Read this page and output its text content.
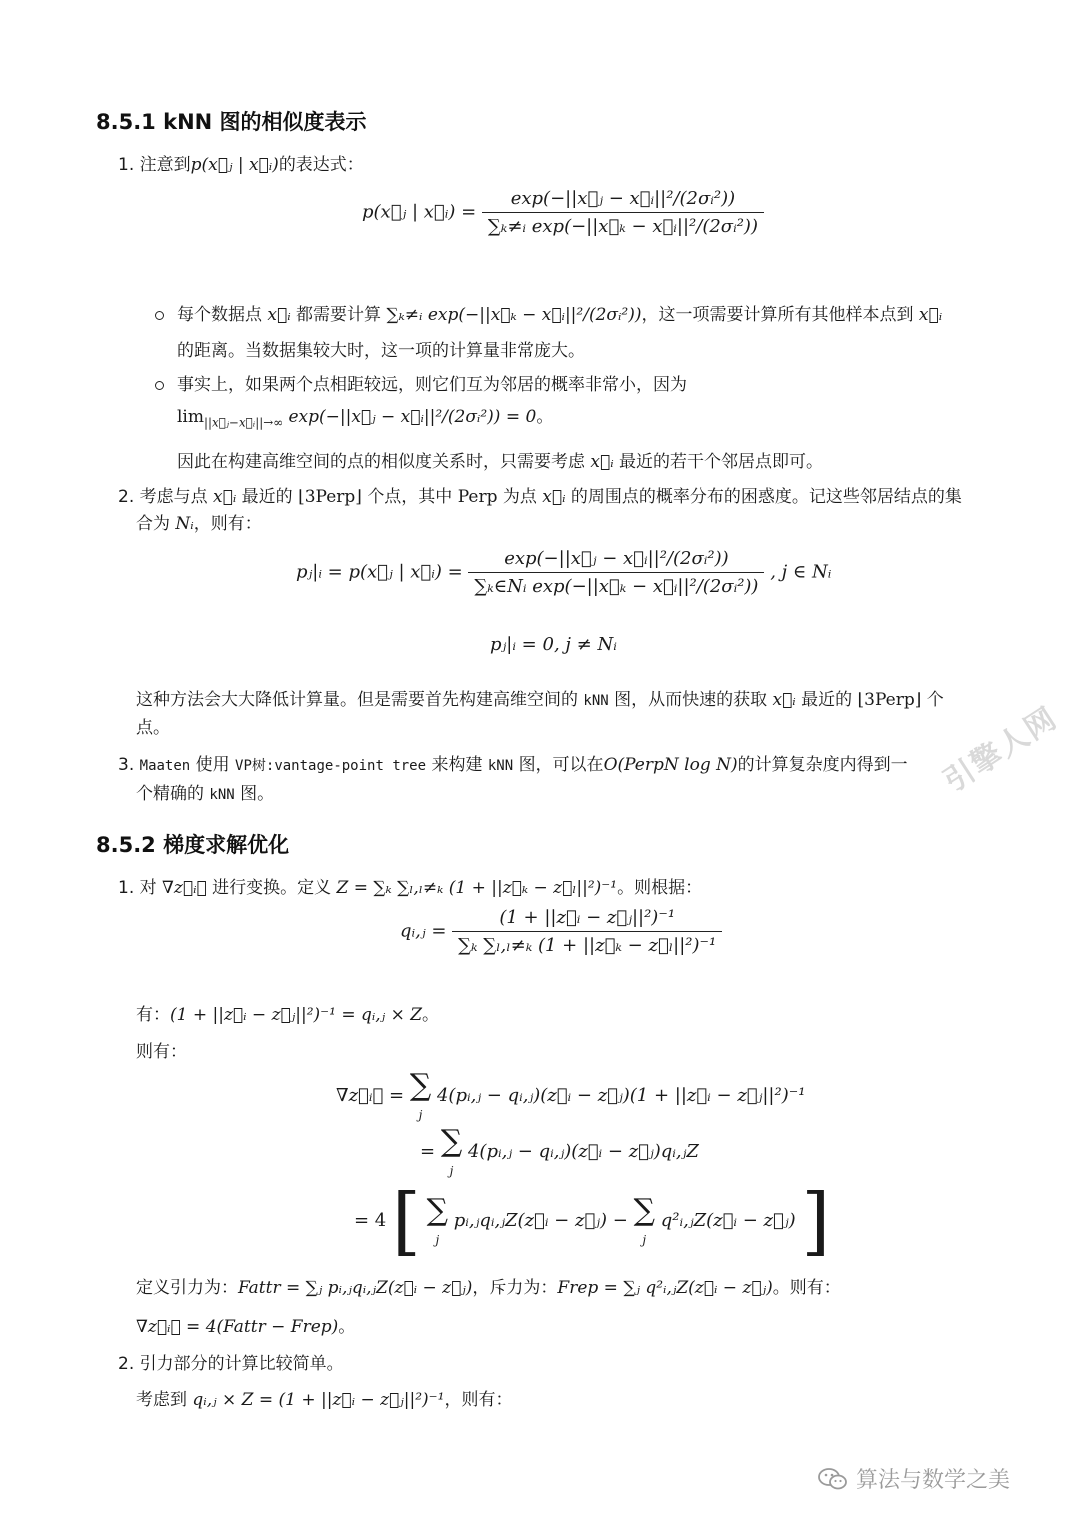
8.5.1 kNN 图的相似度表示
1. 注意到p(x⃗ⱼ | x⃗ᵢ)的表达式：
p(x⃗ⱼ | x⃗ᵢ) = $\frac{\text{exp(−||x⃗ⱼ − x⃗ᵢ||²/(2σᵢ²))}}{\text{∑ₖ≠ᵢ exp(−||x⃗ₖ − x⃗ᵢ||²/(2σᵢ²))}}$
每个数据点 x⃗ᵢ 都需要计算 ∑ₖ≠ᵢ exp(−||x⃗ₖ − x⃗ᵢ||²/(2σᵢ²))，这一项需要计算所有其他样本点到 x⃗ᵢ
的距离。当数据集较大时，这一项的计算量非常庞大。
事实上，如果两个点相距较远，则它们互为邻居的概率非常小，因为
$\lim_{||x⃗ⱼ-x⃗ᵢ||\to\infty}$ exp(−||x⃗ⱼ − x⃗ᵢ||²/(2σᵢ²)) = 0。
因此在构建高维空间的点的相似度关系时，只需要考虑 x⃗ᵢ 最近的若干个邻居点即可。
2. 考虑与点 x⃗ᵢ 最近的 ⌊3Perp⌋ 个点，其中 Perp 为点 x⃗ᵢ 的周围点的概率分布的困惑度。记这些邻居结点的集
合为 Nᵢ，则有：
pⱼ|ᵢ = p(x⃗ⱼ | x⃗ᵢ) = $\frac{\text{exp(−||x⃗ⱼ − x⃗ᵢ||²/(2σᵢ²))}}{\text{∑ₖ∈Nᵢ exp(−||x⃗ₖ − x⃗ᵢ||²/(2σᵢ²))}}$ , j ∈ Nᵢ
pⱼ|ᵢ = 0, j ≠ Nᵢ
这种方法会大大降低计算量。但是需要首先构建高维空间的 kNN 图，从而快速的获取 x⃗ᵢ 最近的 ⌊3Perp⌋ 个
点。
3. Maaten 使用 VP树:vantage-point tree 来构建 kNN 图，可以在O(PerpN log N)的计算复杂度内得到一
个精确的 kNN 图。
8.5.2 梯度求解优化
1. 对 ∇z⃗ᵢ𝓛 进行变换。定义 Z = ∑ₖ ∑ₗ,ₗ≠ₖ (1 + ||z⃗ₖ − z⃗ₗ||²)⁻¹。则根据：
qᵢ,ⱼ = $\frac{\text{(1 + ||z⃗ᵢ − z⃗ⱼ||²)⁻¹}}{\text{∑ₖ ∑ₗ,ₗ≠ₖ (1 + ||z⃗ₖ − z⃗ₗ||²)⁻¹}}$
有：(1 + ||z⃗ᵢ − z⃗ⱼ||²)⁻¹ = qᵢ,ⱼ × Z。
则有：
∇z⃗ᵢ𝓛 = ∑
j 4(pᵢ,ⱼ − qᵢ,ⱼ)(z⃗ᵢ − z⃗ⱼ)(1 + ||z⃗ᵢ − z⃗ⱼ||²)⁻¹
= ∑
j 4(pᵢ,ⱼ − qᵢ,ⱼ)(z⃗ᵢ − z⃗ⱼ)qᵢ,ⱼZ
= 4 [ ∑
j pᵢ,ⱼqᵢ,ⱼZ(z⃗ᵢ − z⃗ⱼ) − ∑
j q²ᵢ,ⱼZ(z⃗ᵢ − z⃗ⱼ) ]
定义引力为：Fattr = ∑ⱼ pᵢ,ⱼqᵢ,ⱼZ(z⃗ᵢ − z⃗ⱼ)，斥力为：Frep = ∑ⱼ q²ᵢ,ⱼZ(z⃗ᵢ − z⃗ⱼ)。则有：
∇z⃗ᵢ𝓛 = 4(Fattr − Frep)。
2. 引力部分的计算比较简单。
考虑到 qᵢ,ⱼ × Z = (1 + ||z⃗ᵢ − z⃗ⱼ||²)⁻¹，则有：
引擎人网
算法与数学之美
